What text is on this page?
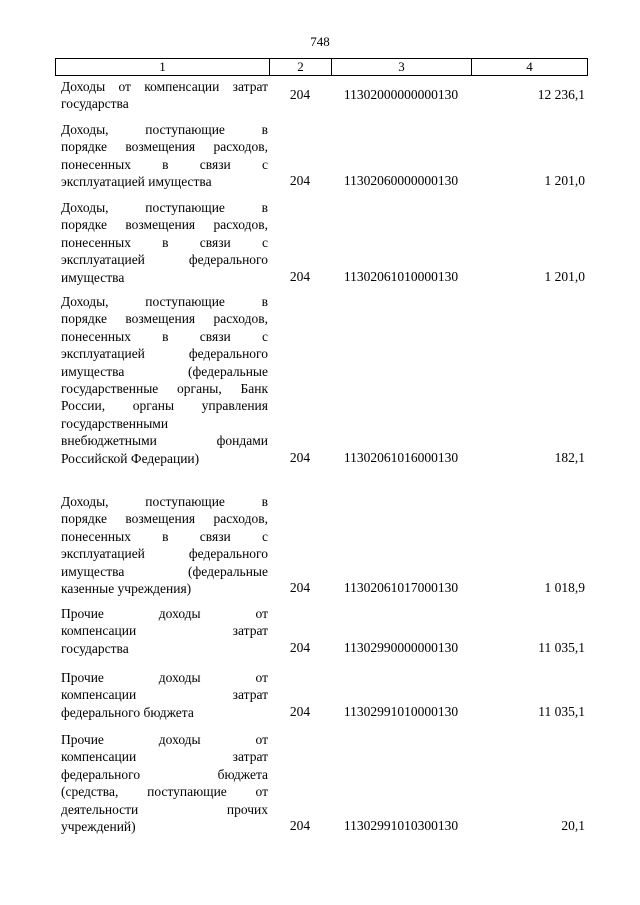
748
1	2	3	4
Доходы от компенсации затрат
государства
204	11302000000000130	12 236,1
Доходы, поступающие в
порядке возмещения расходов,
понесенных в связи с
эксплуатацией имущества	204	11302060000000130	1 201,0
Доходы, поступающие в
порядке возмещения расходов,
понесенных в связи с
эксплуатацией федерального
имущества	204	11302061010000130	1 201,0
Доходы, поступающие в
порядке возмещения расходов,
понесенных в связи с
эксплуатацией федерального
имущества (федеральные
государственные органы, Банк
России, органы управления
государственными
внебюджетными фондами
Российской Федерации)	204	11302061016000130	182,1
Доходы, поступающие в
порядке возмещения расходов,
понесенных в связи с
эксплуатацией федерального
имущества (федеральные
казенные учреждения)	204	11302061017000130	1 018,9
Прочие доходы от
компенсации затрат
государства	204	11302990000000130	11 035,1
Прочие доходы от
компенсации затрат
федерального бюджета	204	11302991010000130	11 035,1
Прочие доходы от
компенсации затрат
федерального бюджета
(средства, поступающие от
деятельности прочих
учреждений)	204	11302991010300130	20,1
